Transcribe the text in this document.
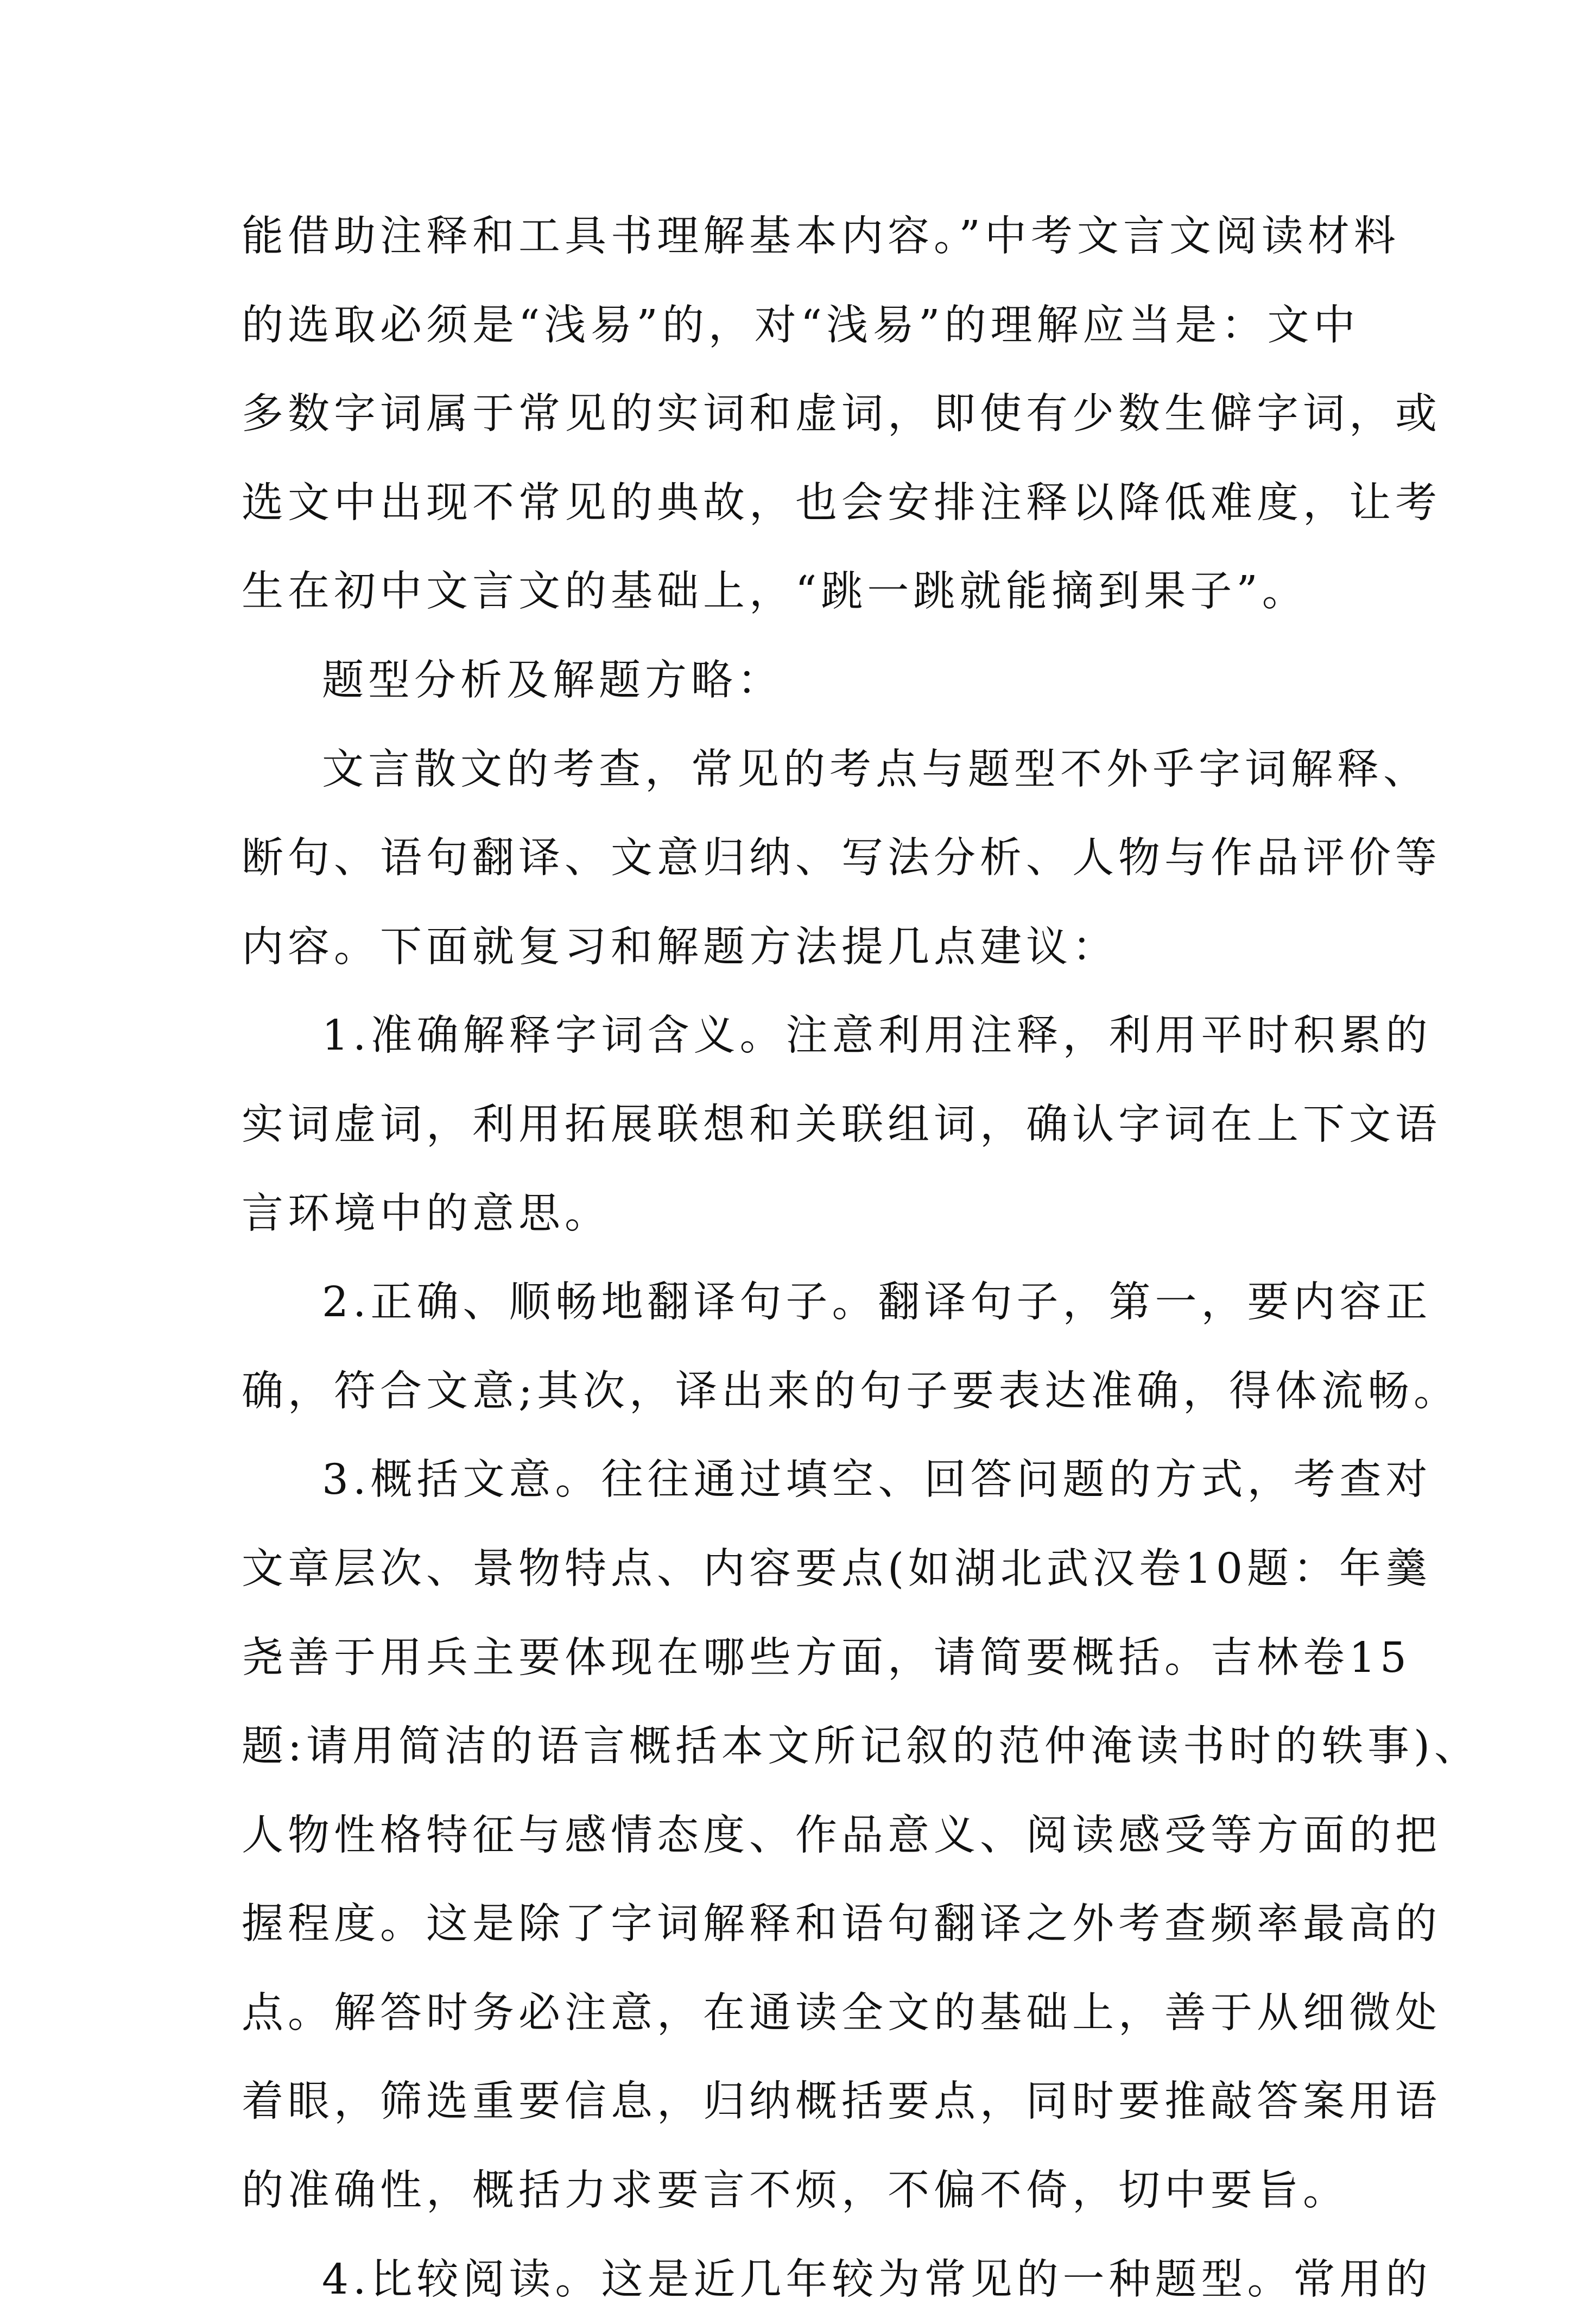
能借助注释和工具书理解基本内容。”中考文言文阅读材料
的选取必须是“浅易”的，对“浅易”的理解应当是：文中
多数字词属于常见的实词和虚词，即使有少数生僻字词，或
选文中出现不常见的典故，也会安排注释以降低难度，让考
生在初中文言文的基础上，“跳一跳就能摘到果子”。
题型分析及解题方略：
文言散文的考查，常见的考点与题型不外乎字词解释、
断句、语句翻译、文意归纳、写法分析、人物与作品评价等
内容。下面就复习和解题方法提几点建议：
1.准确解释字词含义。注意利用注释，利用平时积累的
实词虚词，利用拓展联想和关联组词，确认字词在上下文语
言环境中的意思。
2.正确、顺畅地翻译句子。翻译句子，第一，要内容正
确，符合文意;其次，译出来的句子要表达准确，得体流畅。
3.概括文意。往往通过填空、回答问题的方式，考查对
文章层次、景物特点、内容要点(如湖北武汉卷10题：年羹
尧善于用兵主要体现在哪些方面，请简要概括。吉林卷15
题:请用简洁的语言概括本文所记叙的范仲淹读书时的轶事)、
人物性格特征与感情态度、作品意义、阅读感受等方面的把
握程度。这是除了字词解释和语句翻译之外考查频率最高的
点。解答时务必注意，在通读全文的基础上，善于从细微处
着眼，筛选重要信息，归纳概括要点，同时要推敲答案用语
的准确性，概括力求要言不烦，不偏不倚，切中要旨。
4.比较阅读。这是近几年较为常见的一种题型。常用的
